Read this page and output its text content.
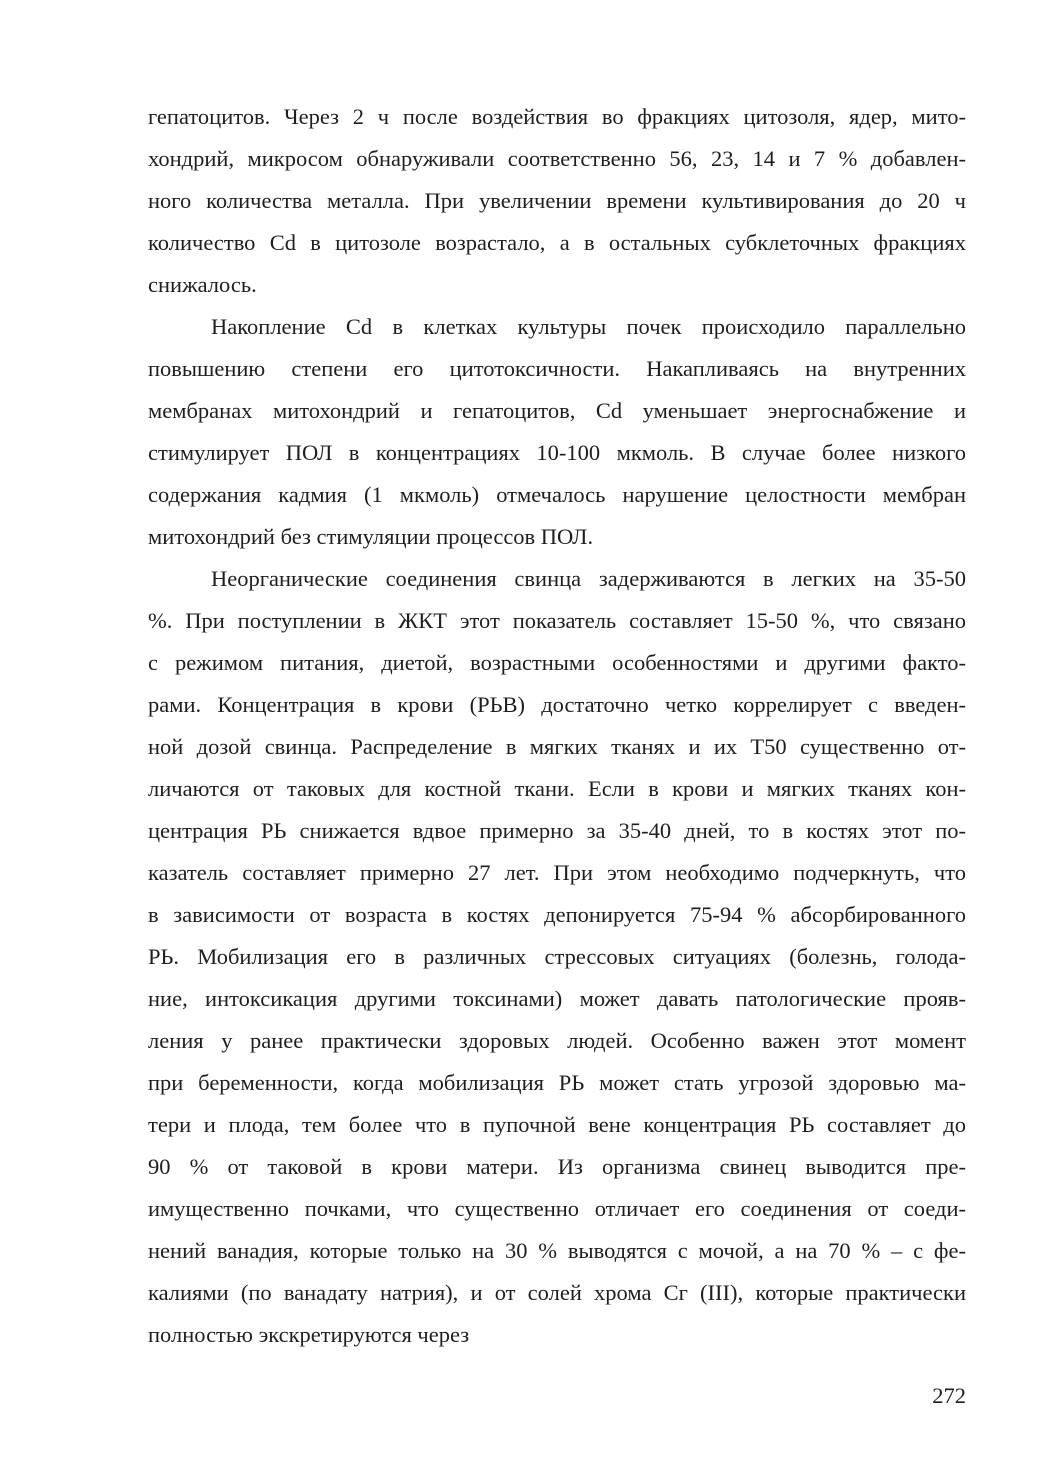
гепатоцитов. Через 2 ч после воздействия во фракциях цитозоля, ядер, мито-
хондрий, микросом обнаруживали соответственно 56, 23, 14 и 7 % добавлен-
ного количества металла. При увеличении времени культивирования до 20 ч
количество Cd в цитозоле возрастало, а в остальных субклеточных фракциях
снижалось.
Накопление Cd в клетках культуры почек происходило параллельно
повышению степени его цитотоксичности. Накапливаясь на внутренних
мембранах митохондрий и гепатоцитов, Cd уменьшает энергоснабжение и
стимулирует ПОЛ в концентрациях 10-100 мкмоль. В случае более низкого
содержания кадмия (1 мкмоль) отмечалось нарушение целостности мембран
митохондрий без стимуляции процессов ПОЛ.
Неорганические соединения свинца задерживаются в легких на 35-50
%. При поступлении в ЖКТ этот показатель составляет 15-50 %, что связано
с режимом питания, диетой, возрастными особенностями и другими факто-
рами. Концентрация в крови (РЬВ) достаточно четко коррелирует с введен-
ной дозой свинца. Распределение в мягких тканях и их Т50 существенно от-
личаются от таковых для костной ткани. Если в крови и мягких тканях кон-
центрация РЬ снижается вдвое примерно за 35-40 дней, то в костях этот по-
казатель составляет примерно 27 лет. При этом необходимо подчеркнуть, что
в зависимости от возраста в костях депонируется 75-94 % абсорбированного
РЬ. Мобилизация его в различных стрессовых ситуациях (болезнь, голода-
ние, интоксикация другими токсинами) может давать патологические прояв-
ления у ранее практически здоровых людей. Особенно важен этот момент
при беременности, когда мобилизация РЬ может стать угрозой здоровью ма-
тери и плода, тем более что в пупочной вене концентрация РЬ составляет до
90 % от таковой в крови матери. Из организма свинец выводится пре-
имущественно почками, что существенно отличает его соединения от соеди-
нений ванадия, которые только на 30 % выводятся с мочой, а на 70 % – с фе-
калиями (по ванадату натрия), и от солей хрома Сг (III), которые практически
полностью экскретируются через
272
